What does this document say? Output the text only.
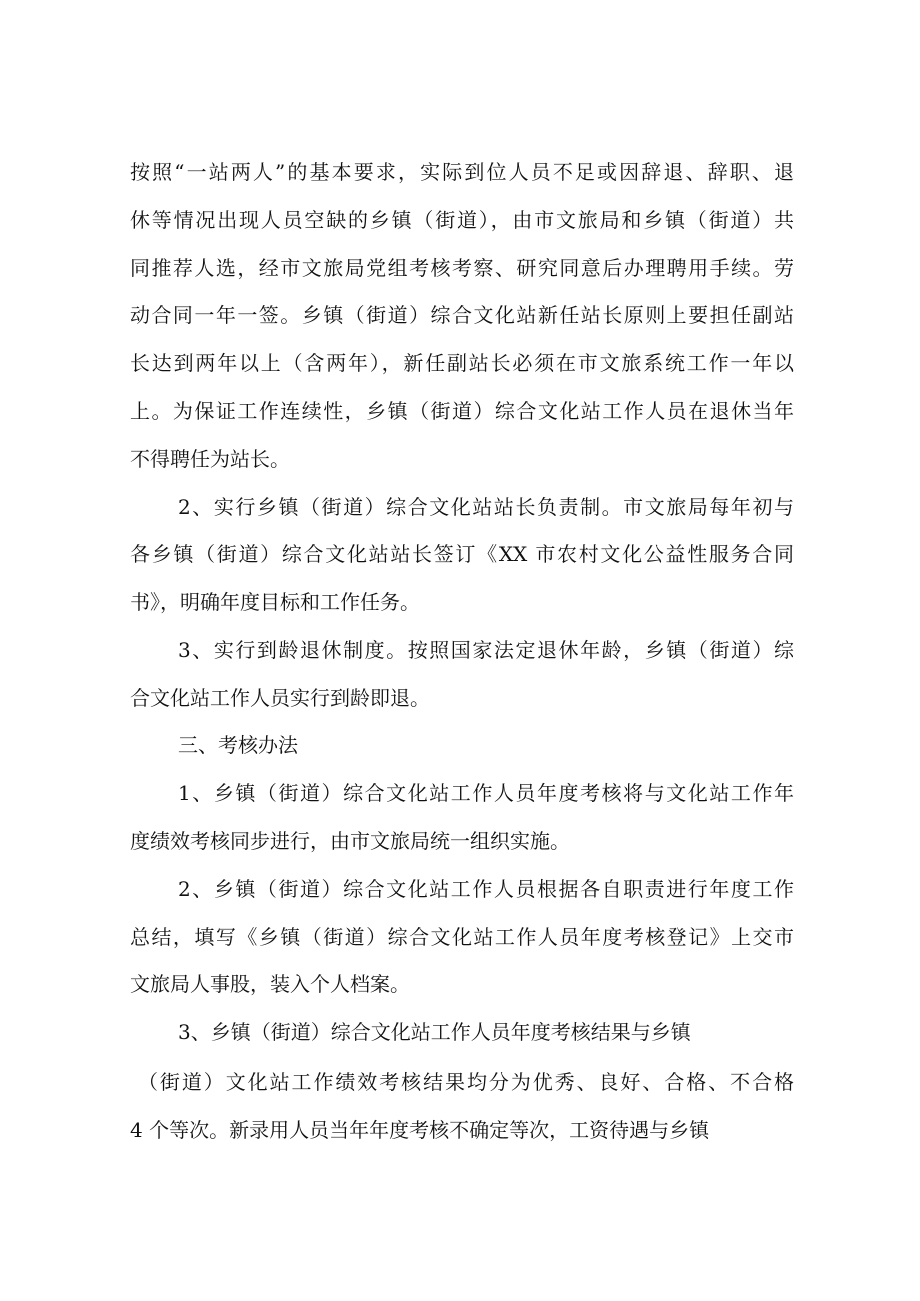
按照“一站两人”的基本要求，实际到位人员不足或因辞退、辞职、退
休等情况出现人员空缺的乡镇（街道），由市文旅局和乡镇（街道）共
同推荐人选，经市文旅局党组考核考察、研究同意后办理聘用手续。劳
动合同一年一签。乡镇（街道）综合文化站新任站长原则上要担任副站
长达到两年以上（含两年），新任副站长必须在市文旅系统工作一年以
上。为保证工作连续性，乡镇（街道）综合文化站工作人员在退休当年
不得聘任为站长。
2、实行乡镇（街道）综合文化站站长负责制。市文旅局每年初与
各乡镇（街道）综合文化站站长签订《XX 市农村文化公益性服务合同
书》，明确年度目标和工作任务。
3、实行到龄退休制度。按照国家法定退休年龄，乡镇（街道）综
合文化站工作人员实行到龄即退。
三、考核办法
1、乡镇（街道）综合文化站工作人员年度考核将与文化站工作年
度绩效考核同步进行，由市文旅局统一组织实施。
2、乡镇（街道）综合文化站工作人员根据各自职责进行年度工作
总结，填写《乡镇（街道）综合文化站工作人员年度考核登记》上交市
文旅局人事股，装入个人档案。
3、乡镇（街道）综合文化站工作人员年度考核结果与乡镇
（街道）文化站工作绩效考核结果均分为优秀、良好、合格、不合格
4 个等次。新录用人员当年年度考核不确定等次，工资待遇与乡镇
